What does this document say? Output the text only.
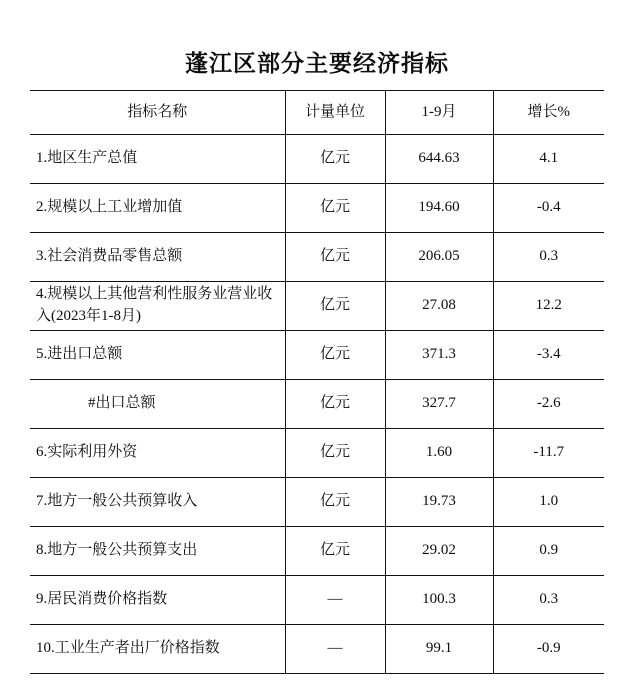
蓬江区部分主要经济指标
指标名称	计量单位	1-9月	增长%
1.地区生产总值	亿元	644.63	4.1
2.规模以上工业增加值	亿元	194.60	-0.4
3.社会消费品零售总额	亿元	206.05	0.3
4.规模以上其他营利性服务业营业收入(2023年1-8月)	亿元	27.08	12.2
5.进出口总额	亿元	371.3	-3.4
#出口总额	亿元	327.7	-2.6
6.实际利用外资	亿元	1.60	-11.7
7.地方一般公共预算收入	亿元	19.73	1.0
8.地方一般公共预算支出	亿元	29.02	0.9
9.居民消费价格指数	—	100.3	0.3
10.工业生产者出厂价格指数	—	99.1	-0.9
